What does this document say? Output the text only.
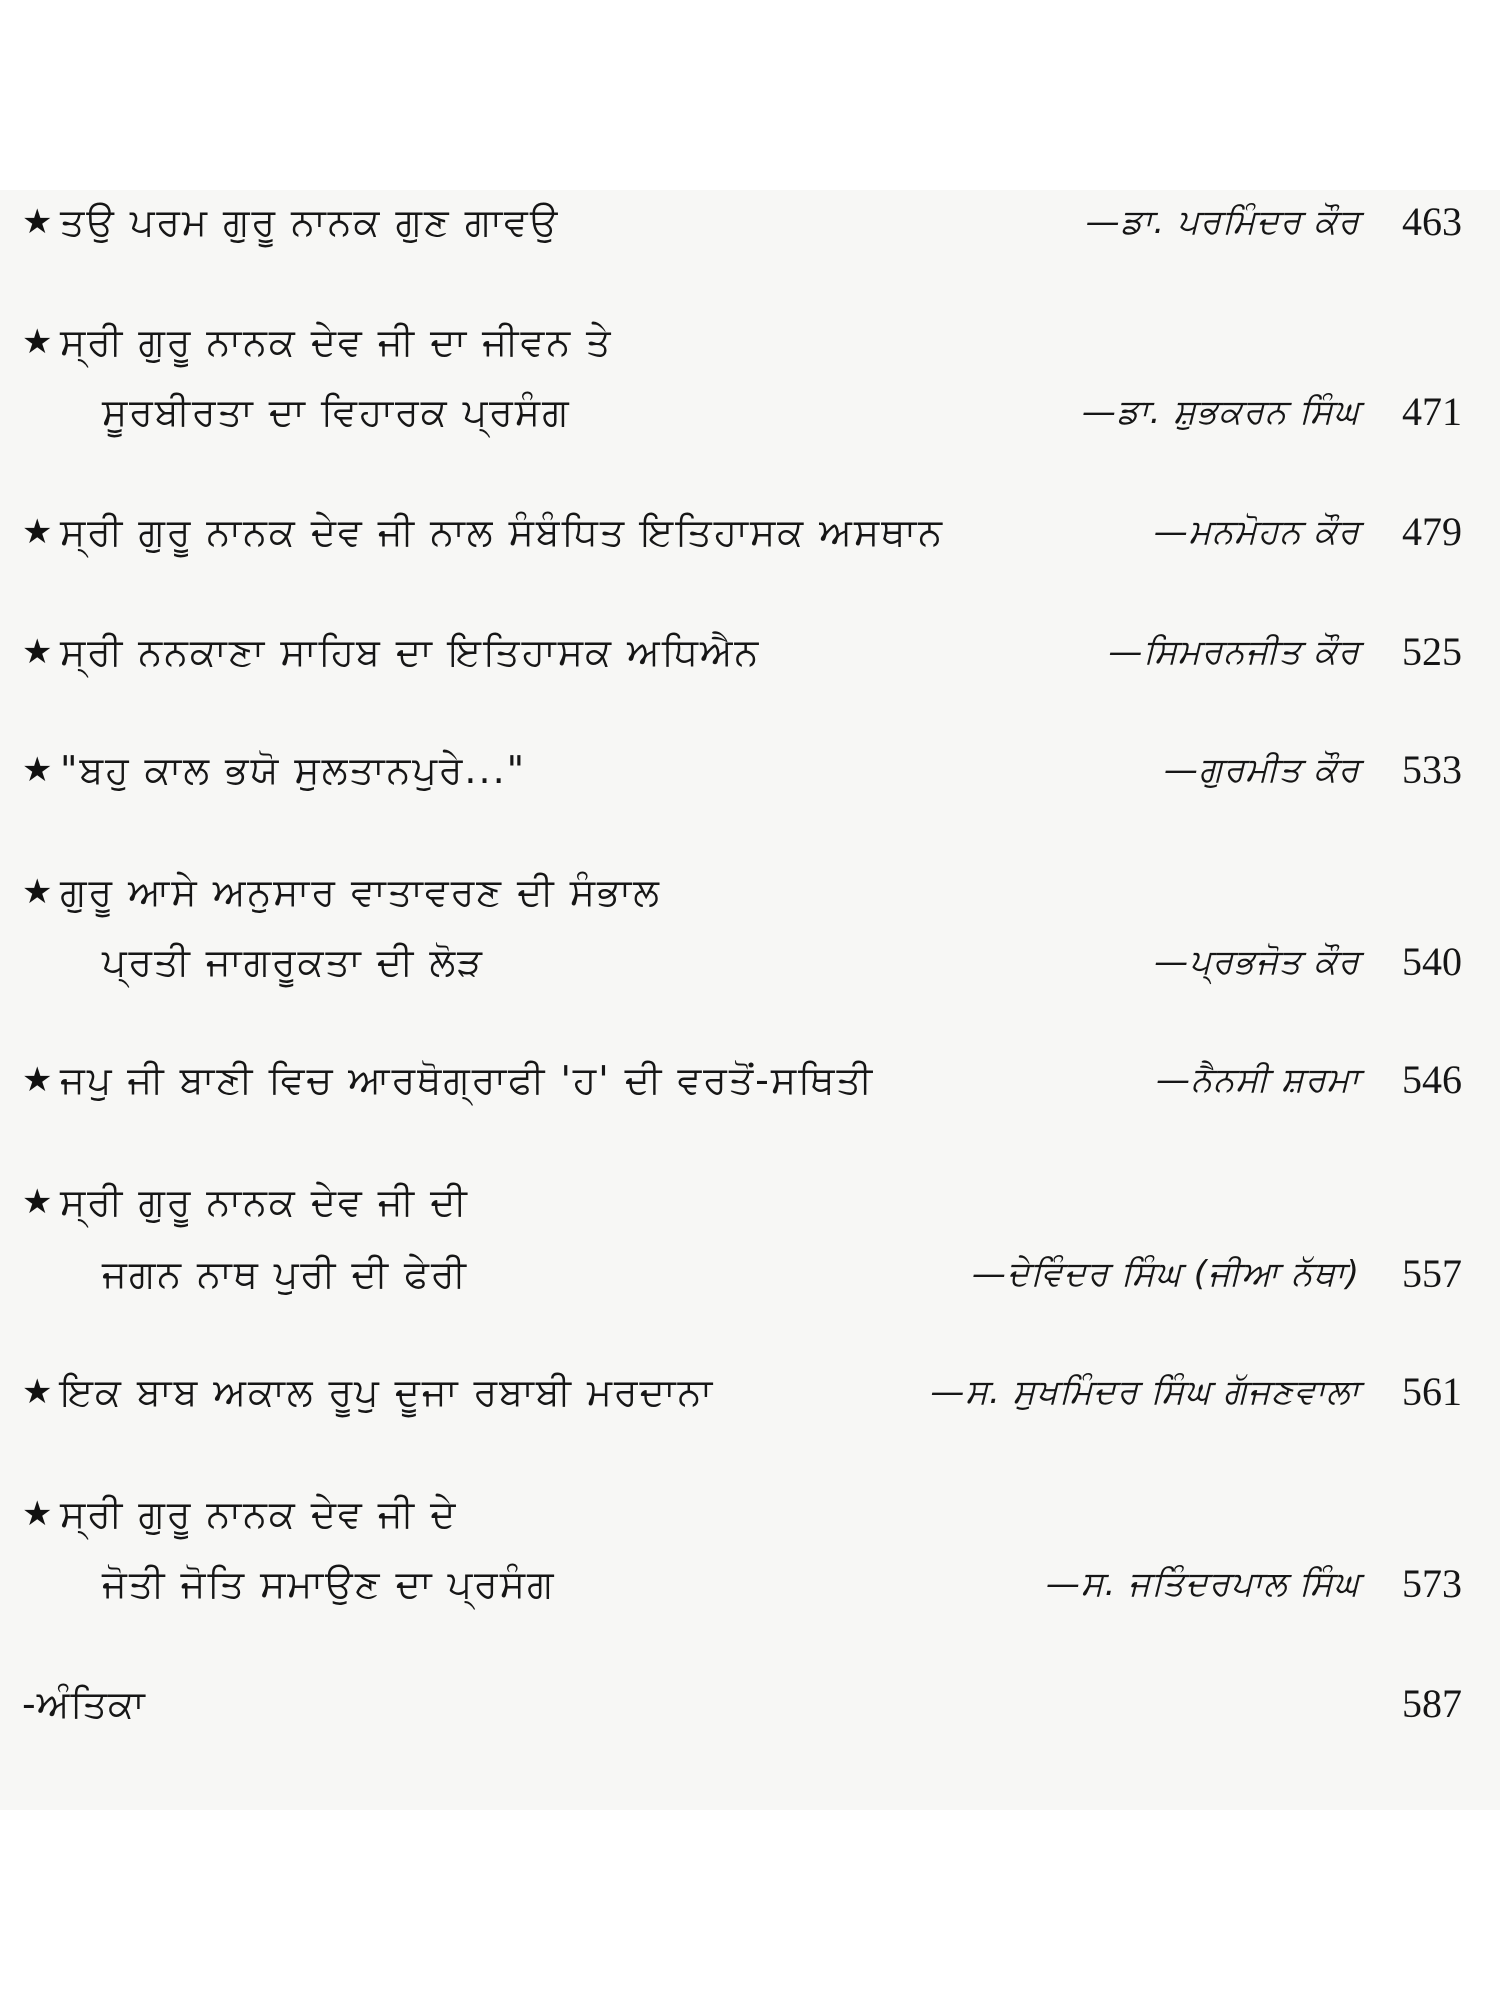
★ ਤਉ ਪਰਮ ਗੁਰੂ ਨਾਨਕ ਗੁਣ ਗਾਵਉ	—ਡਾ. ਪਰਮਿੰਦਰ ਕੌਰ	463
★ ਸ੍ਰੀ ਗੁਰੂ ਨਾਨਕ ਦੇਵ ਜੀ ਦਾ ਜੀਵਨ ਤੇ
ਸੂਰਬੀਰਤਾ ਦਾ ਵਿਹਾਰਕ ਪ੍ਰਸੰਗ	—ਡਾ. ਸ਼ੁਭਕਰਨ ਸਿੰਘ	471
★ ਸ੍ਰੀ ਗੁਰੂ ਨਾਨਕ ਦੇਵ ਜੀ ਨਾਲ ਸੰਬੰਧਿਤ ਇਤਿਹਾਸਕ ਅਸਥਾਨ	—ਮਨਮੋਹਨ ਕੌਰ	479
★ ਸ੍ਰੀ ਨਨਕਾਣਾ ਸਾਹਿਬ ਦਾ ਇਤਿਹਾਸਕ ਅਧਿਐਨ	—ਸਿਮਰਨਜੀਤ ਕੌਰ	525
★ "ਬਹੁ ਕਾਲ ਭਯੋ ਸੁਲਤਾਨਪੁਰੇ..."	—ਗੁਰਮੀਤ ਕੌਰ	533
★ ਗੁਰੂ ਆਸੇ ਅਨੁਸਾਰ ਵਾਤਾਵਰਣ ਦੀ ਸੰਭਾਲ
ਪ੍ਰਤੀ ਜਾਗਰੂਕਤਾ ਦੀ ਲੋੜ	—ਪ੍ਰਭਜੋਤ ਕੌਰ	540
★ ਜਪੁ ਜੀ ਬਾਣੀ ਵਿਚ ਆਰਥੋਗ੍ਰਾਫੀ 'ਹ' ਦੀ ਵਰਤੋਂ-ਸਥਿਤੀ	—ਨੈਨਸੀ ਸ਼ਰਮਾ	546
★ ਸ੍ਰੀ ਗੁਰੂ ਨਾਨਕ ਦੇਵ ਜੀ ਦੀ
ਜਗਨ ਨਾਥ ਪੁਰੀ ਦੀ ਫੇਰੀ	—ਦੇਵਿੰਦਰ ਸਿੰਘ (ਜੀਆ ਨੱਥਾ)	557
★ ਇਕ ਬਾਬ ਅਕਾਲ ਰੂਪੁ ਦੂਜਾ ਰਬਾਬੀ ਮਰਦਾਨਾ	—ਸ. ਸੁਖਮਿੰਦਰ ਸਿੰਘ ਗੱਜਣਵਾਲਾ	561
★ ਸ੍ਰੀ ਗੁਰੂ ਨਾਨਕ ਦੇਵ ਜੀ ਦੇ
ਜੋਤੀ ਜੋਤਿ ਸਮਾਉਣ ਦਾ ਪ੍ਰਸੰਗ	—ਸ. ਜਤਿੰਦਰਪਾਲ ਸਿੰਘ	573
-ਅੰਤਿਕਾ	587
